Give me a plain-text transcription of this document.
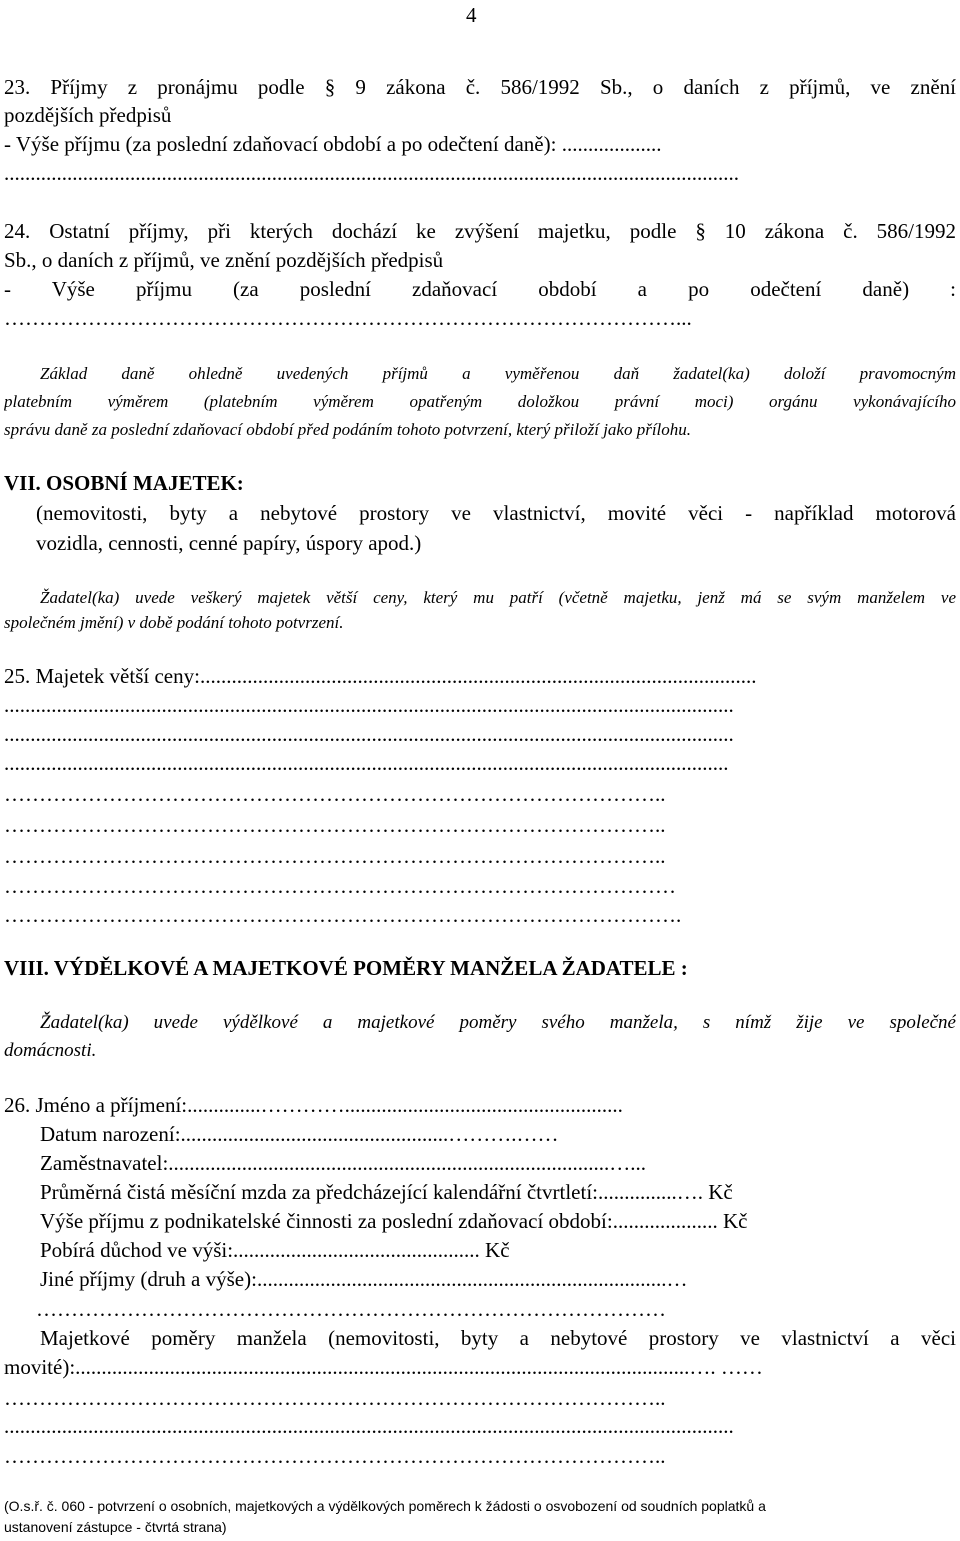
4
23. Příjmy z pronájmu podle § 9 zákona č. 586/1992 Sb., o daních z příjmů, ve znění
pozdějších předpisů
- Výše příjmu (za poslední zdaňovací období a po odečtení daně): ...................
............................................................................................................................................
24. Ostatní příjmy, při kterých dochází ke zvýšení majetku, podle § 10 zákona č. 586/1992
Sb., o daních z příjmů, ve znění pozdějších předpisů
- Výše příjmu (za poslední zdaňovací období a po odečtení daně) :
……………………………………………………………………………………...
Základ daně ohledně uvedených příjmů a vyměřenou daň žadatel(ka) doloží pravomocným
platebním výměrem (platebním výměrem opatřeným doložkou právní moci) orgánu vykonávajícího
správu daně za poslední zdaňovací období před podáním tohoto potvrzení, který přiloží jako přílohu.
VII. OSOBNÍ MAJETEK:
(nemovitosti, byty a nebytové prostory ve vlastnictví, movité věci - například motorová
vozidla, cennosti, cenné papíry, úspory apod.)
Žadatel(ka) uvede veškerý majetek větší ceny, který mu patří (včetně majetku, jenž má se svým manželem ve
společném jmění) v době podání tohoto potvrzení.
25. Majetek větší ceny:..........................................................................................................
...........................................................................................................................................
...........................................................................................................................................
..........................................................................................................................................
…………………………………………………………………………………..
…………………………………………………………………………………..
…………………………………………………………………………………..
……………………………………………………………………………………
…………………………………………………………………………………….
VIII. VÝDĚLKOVÉ A MAJETKOVÉ POMĚRY MANŽELA ŽADATELE :
Žadatel(ka) uvede výdělkové a majetkové poměry svého manžela, s nímž žije ve společné
domácnosti.
26. Jméno a příjmení:..............………….....................................................
Datum narození:...................................................……….……
Zaměstnavatel:....................................................................................…...
Průměrná čistá měsíční mzda za předcházející kalendářní čtvrtletí:...............…. Kč
Výše příjmu z podnikatelské činnosti za poslední zdaňovací období:.................... Kč
Pobírá důchod ve výši:............................................... Kč
Jiné příjmy (druh a výše):..............................................................................…
………………………………………………………………………………
Majetkové poměry manžela (nemovitosti, byty a nebytové prostory ve vlastnictví a věci
movité):.....................................................................................................................…. ……
…………………………………………………………………………………..
...........................................................................................................................................
…………………………………………………………………………………..
(O.s.ř. č. 060 - potvrzení o osobních, majetkových a výdělkových poměrech k žádosti o osvobození od soudních poplatků a
ustanovení zástupce - čtvrtá strana)
